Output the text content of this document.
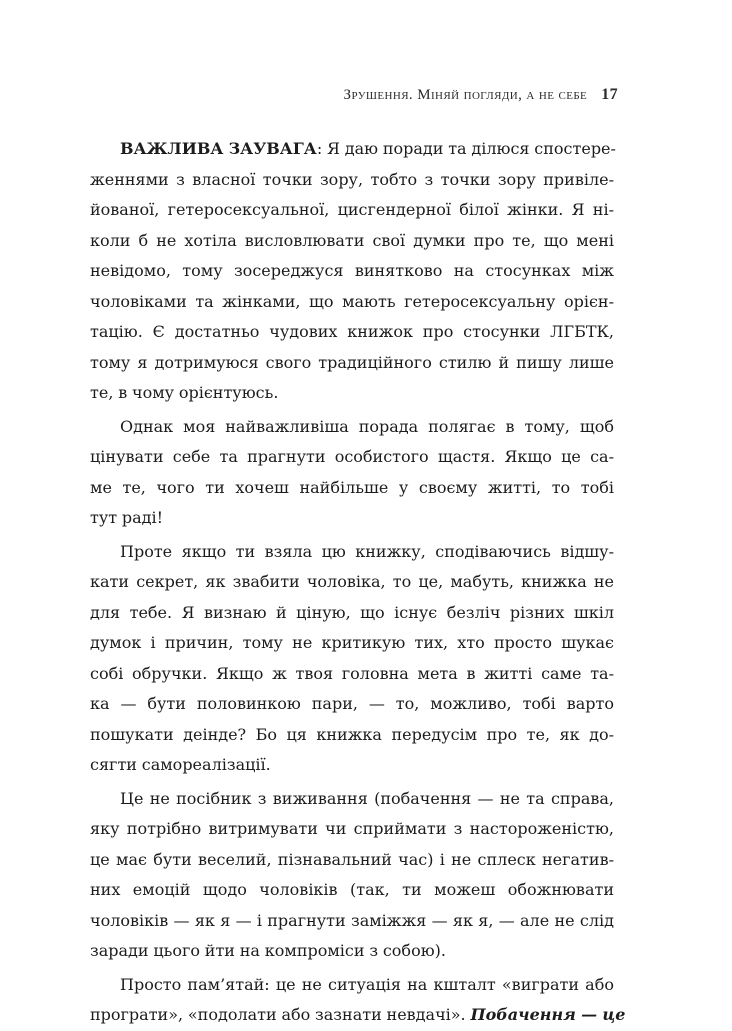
Зрушення. Міняй погляди, а не себе 17
ВАЖЛИВА ЗАУВАГА: Я даю поради та ділюся спостере-
женнями з власної точки зору, тобто з точки зору привіле-
йованої, гетеросексуальної, цисгендерної білої жінки. Я ні-
коли б не хотіла висловлювати свої думки про те, що мені
невідомо, тому зосереджуся винятково на стосунках між
чоловіками та жінками, що мають гетеросексуальну орієн-
тацію. Є достатньо чудових книжок про стосунки ЛГБТК,
тому я дотримуюся свого традиційного стилю й пишу лише
те, в чому орієнтуюсь.
Однак моя найважливіша порада полягає в тому, щоб
цінувати себе та прагнути особистого щастя. Якщо це са-
ме те, чого ти хочеш найбільше у своєму житті, то тобі
тут раді!
Проте якщо ти взяла цю книжку, сподіваючись відшу-
кати секрет, як звабити чоловіка, то це, мабуть, книжка не
для тебе. Я визнаю й ціную, що існує безліч різних шкіл
думок і причин, тому не критикую тих, хто просто шукає
собі обручки. Якщо ж твоя головна мета в житті саме та-
ка — бути половинкою пари, — то, можливо, тобі варто
пошукати деінде? Бо ця книжка передусім про те, як до-
сягти самореалізації.
Це не посібник з виживання (побачення — не та справа,
яку потрібно витримувати чи сприймати з настороженістю,
це має бути веселий, пізнавальний час) і не сплеск негатив-
них емоцій щодо чоловіків (так, ти можеш обожнювати
чоловіків — як я — і прагнути заміжжя — як я, — але не слід
заради цього йти на компроміси з собою).
Просто пам’ятай: це не ситуація на кшталт «виграти або
програти», «подолати або зазнати невдачі». Побачення — це
